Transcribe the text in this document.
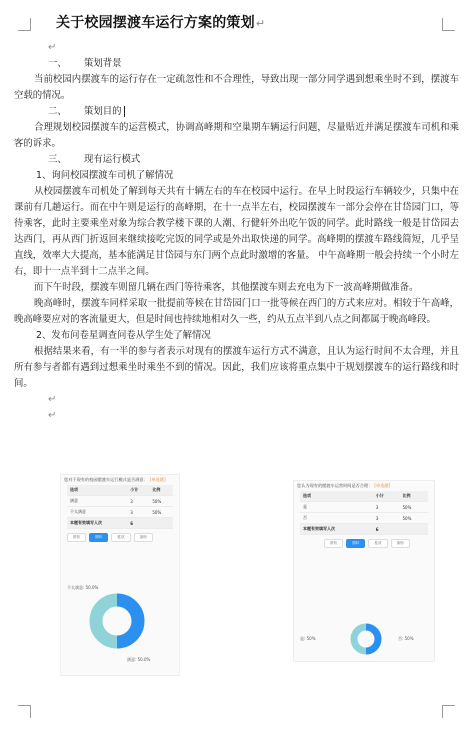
关于校园摆渡车运行方案的策划↵
↵

一、 策划背景

当前校园内摆渡车的运行存在一定疏忽性和不合理性，导致出现一部分同学遇到想乘坐时不到，摆渡车空载的情况。

二、 策划目的

合理规划校园摆渡车的运营模式，协调高峰期和空巢期车辆运行问题，尽量贴近并满足摆渡车司机和乘客的诉求。

三、 现有运行模式

1、询问校园摆渡车司机了解情况

从校园摆渡车司机处了解到每天共有十辆左右的车在校园中运行。在早上时段运行车辆较少，只集中在课前有几趟运行。而在中午则是运行的高峰期，在十一点半左右，校园摆渡车一部分会停在甘岱园门口，等待乘客，此时主要乘坐对象为综合教学楼下课的人潮、行健轩外出吃午饭的同学。此时路线一般是甘岱园去达西门，再从西门折返回来继续接吃完饭的同学或是外出取快递的同学。高峰期的摆渡车路线简短，几乎呈直线，效率大大提高，基本能满足甘岱园与东门两个点此时激增的客量。 中午高峰期一般会持续一个小时左右，即十一点半到十二点半之间。

而下午时段，摆渡车则留几辆在西门等待乘客，其他摆渡车则去充电为下一波高峰期做准备。

晚高峰时，摆渡车同样采取一批提前等候在甘岱园门口一批等候在西门的方式来应对。相较于午高峰，晚高峰要应对的客流量更大，但是时间也持续地相对久一些，约从五点半到八点之间都属于晚高峰段。

2、发布问卷星调查问卷从学生处了解情况

根据结果来看，有一半的参与者表示对现有的摆渡车运行方式不满意，且认为运行时间不太合理，并且所有参与者都有遇到过想乘坐时乘坐不到的情况。因此，我们应该将重点集中于规划摆渡车的运行路线和时间。

↵
↵
您对于现有的校园摆渡车运行模式是否满意： [单选题]
选项	小计	比例
满意	3	50%
不太满意	3	50%
本题有效填写人次	6	
饼状	圆环	柱状	条形
不太满意: 50.0%
满意: 50.0%
您认为现有的摆渡车运营时间是否合理： [单选题]
选项	小计	比例
是	3	50%
否	3	50%
本题有效填写人次	6	
饼状	圆环	柱状	条形
是: 50%	否: 50%
